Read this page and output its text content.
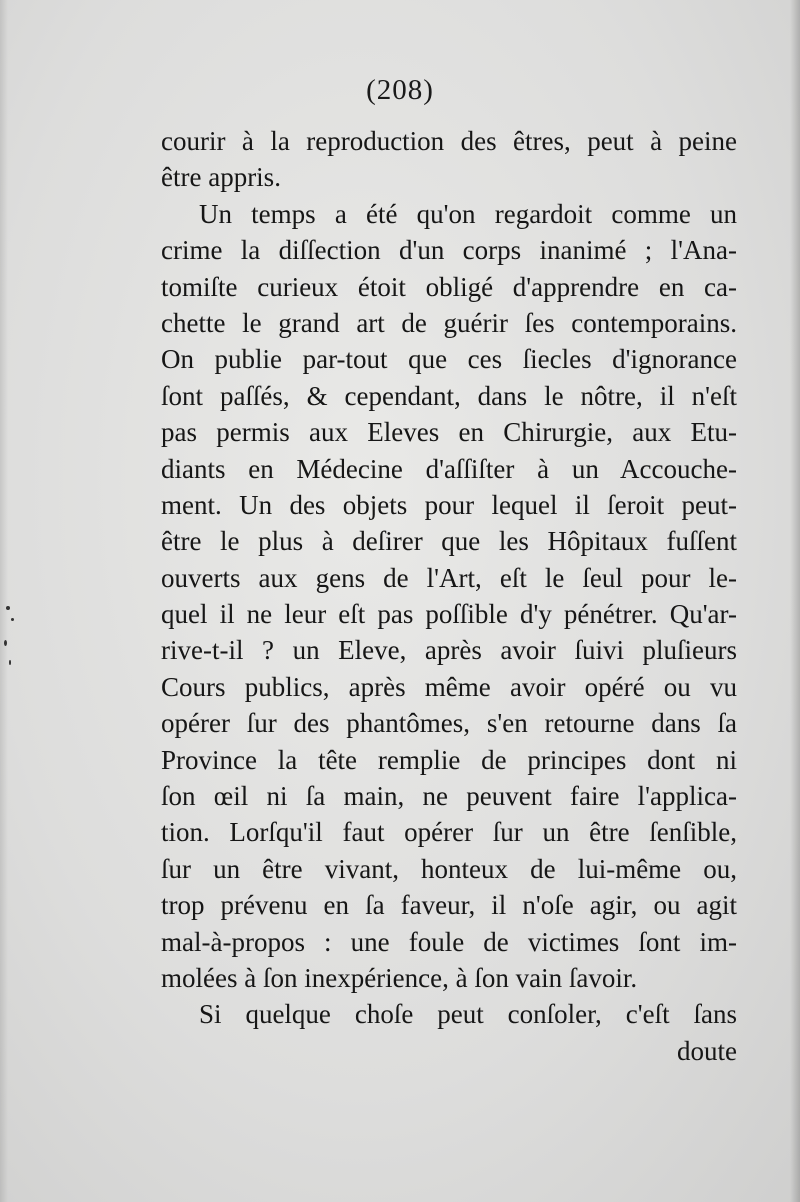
(208)
courir à la reproduction des êtres, peut à peine
être appris.
Un temps a été qu'on regardoit comme un
crime la diſſection d'un corps inanimé ; l'Ana-
tomiſte curieux étoit obligé d'apprendre en ca-
chette le grand art de guérir ſes contemporains.
On publie par-tout que ces ſiecles d'ignorance
ſont paſſés, & cependant, dans le nôtre, il n'eſt
pas permis aux Eleves en Chirurgie, aux Etu-
diants en Médecine d'aſſiſter à un Accouche-
ment. Un des objets pour lequel il ſeroit peut-
être le plus à deſirer que les Hôpitaux fuſſent
ouverts aux gens de l'Art, eſt le ſeul pour le-
quel il ne leur eſt pas poſſible d'y pénétrer. Qu'ar-
rive-t-il ? un Eleve, après avoir ſuivi pluſieurs
Cours publics, après même avoir opéré ou vu
opérer ſur des phantômes, s'en retourne dans ſa
Province la tête remplie de principes dont ni
ſon œil ni ſa main, ne peuvent faire l'applica-
tion. Lorſqu'il faut opérer ſur un être ſenſible,
ſur un être vivant, honteux de lui-même ou,
trop prévenu en ſa faveur, il n'oſe agir, ou agit
mal-à-propos : une foule de victimes ſont im-
molées à ſon inexpérience, à ſon vain ſavoir.
Si quelque choſe peut conſoler, c'eſt ſans
doute
